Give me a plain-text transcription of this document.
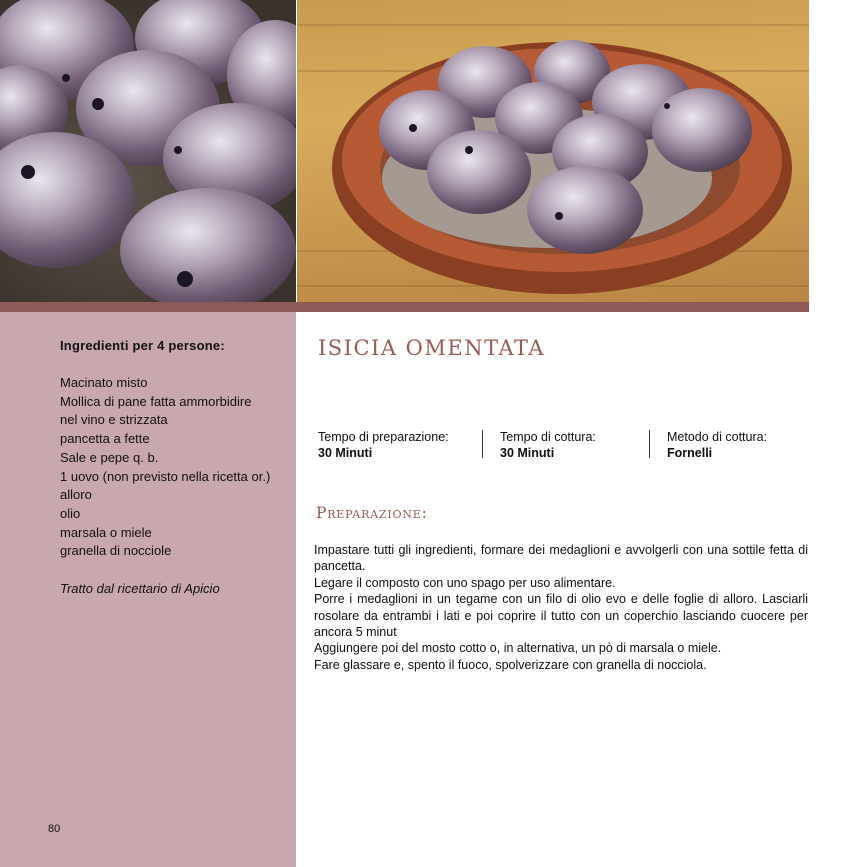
Ingredienti per 4 persone:
Macinato misto
Mollica di pane fatta ammorbidire
nel vino e strizzata
pancetta a fette
Sale e pepe q. b.
1 uovo (non previsto nella ricetta or.)
alloro
olio
marsala o miele
granella di nocciole

Tratto dal ricettario di Apicio

80
ISICIA OMENTATA
Tempo di preparazione:
30 Minuti
Tempo di cottura:
30 Minuti
Metodo di cottura:
Fornelli
Preparazione:

Impastare tutti gli ingredienti, formare dei medaglioni e avvolgerli con una sottile fetta di pancetta.

Legare il composto con uno spago per uso alimentare.

Porre i medaglioni in un tegame con un filo di olio evo e delle foglie di alloro. Lasciarli rosolare da entrambi i lati e poi coprire il tutto con un coperchio lasciando cuocere per ancora 5 minut

Aggiungere poi del mosto cotto o, in alternativa, un pò di marsala o miele.

Fare glassare e, spento il fuoco, spolverizzare con granella di nocciola.
